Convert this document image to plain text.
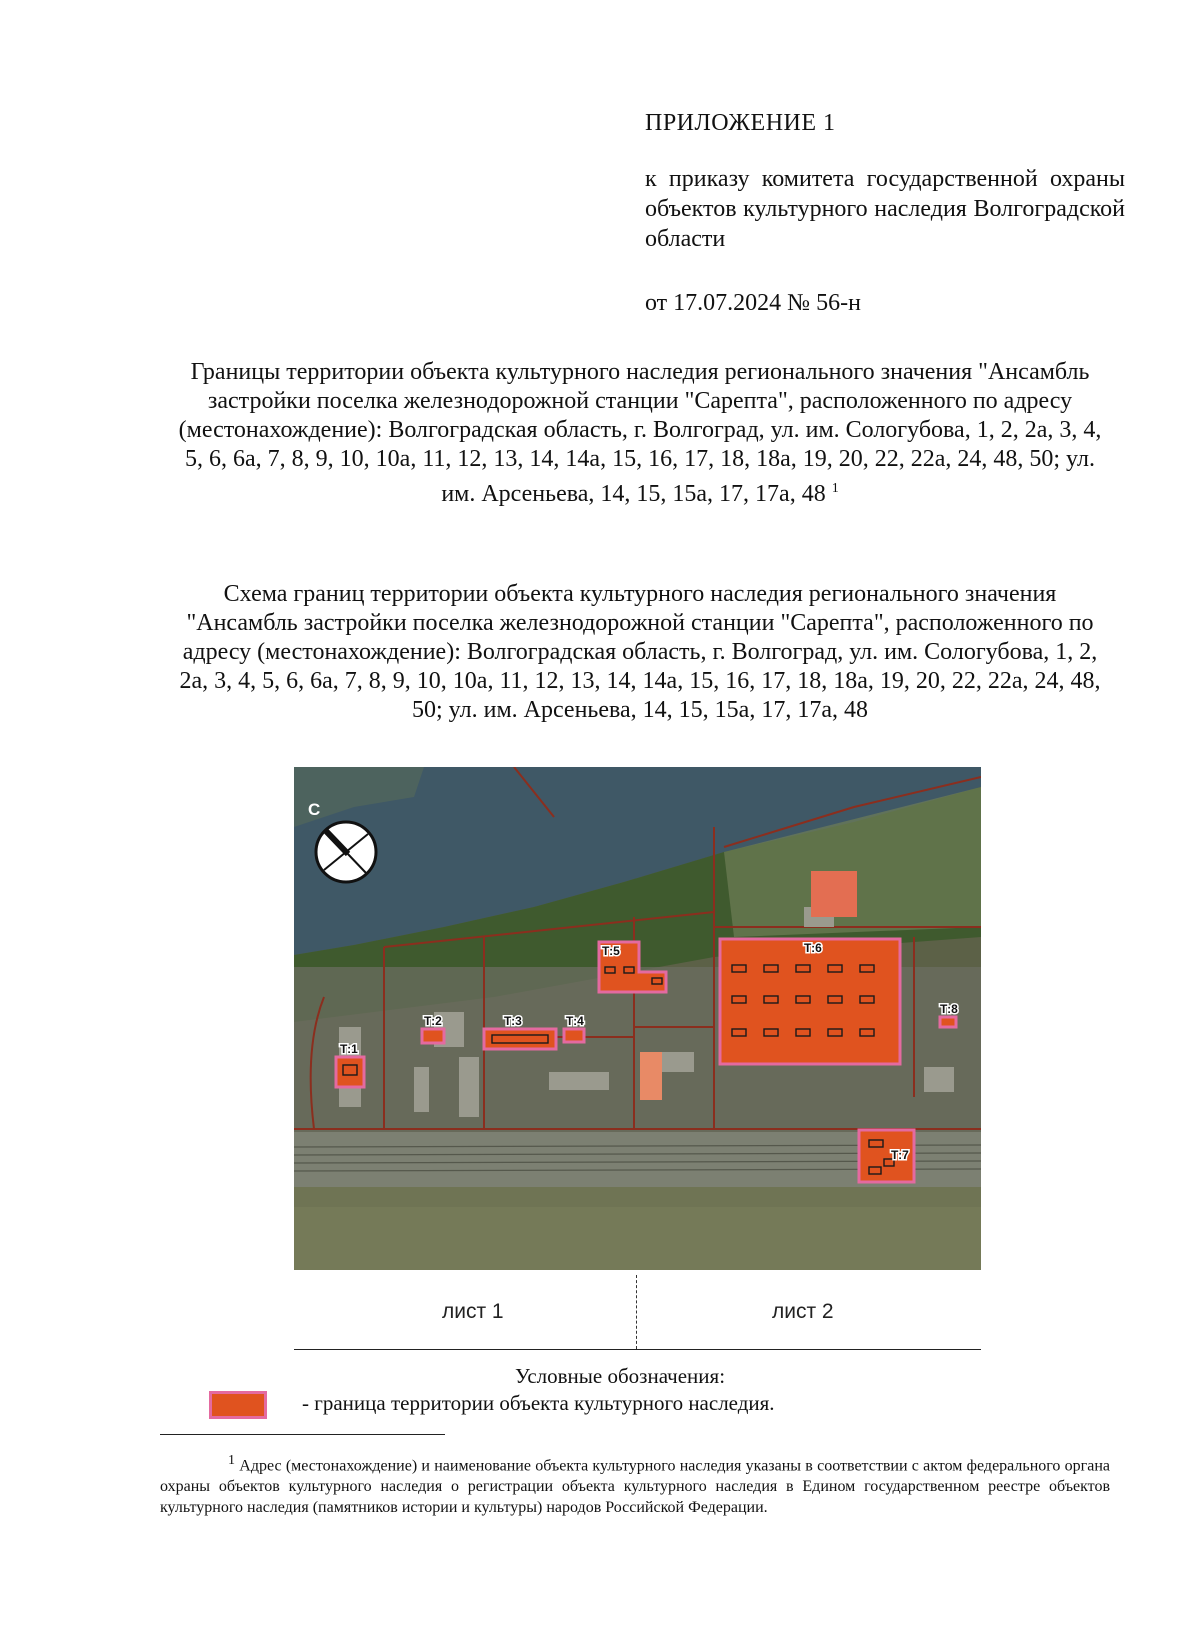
ПРИЛОЖЕНИЕ 1
к приказу комитета государственной охраны объектов культурного наследия Волгоградской области
от 17.07.2024 № 56-н

Границы территории объекта культурного наследия регионального значения "Ансамбль застройки поселка железнодорожной станции "Сарепта", расположенного по адресу (местонахождение): Волгоградская область, г. Волгоград, ул. им. Сологубова, 1, 2, 2а, 3, 4, 5, 6, 6а, 7, 8, 9, 10, 10а, 11, 12, 13, 14, 14а, 15, 16, 17, 18, 18а, 19, 20, 22, 22а, 24, 48, 50; ул. им. Арсеньева, 14, 15, 15а, 17, 17а, 48 $^1$

Схема границ территории объекта культурного наследия регионального значения "Ансамбль застройки поселка железнодорожной станции "Сарепта", расположенного по адресу (местонахождение): Волгоградская область, г. Волгоград, ул. им. Сологубова, 1, 2, 2а, 3, 4, 5, 6, 6а, 7, 8, 9, 10, 10а, 11, 12, 13, 14, 14а, 15, 16, 17, 18, 18а, 19, 20, 22, 22а, 24, 48, 50; ул. им. Арсеньева, 14, 15, 15а, 17, 17а, 48

Т:1
Т:2	Т:3	Т:4
Т:5	Т:6
Т:7
Т:8
С
лист 1	лист 2
Условные обозначения:
- граница территории объекта культурного наследия.
$^1$ Адрес (местонахождение) и наименование объекта культурного наследия указаны в соответствии с актом федерального органа охраны объектов культурного наследия о регистрации объекта культурного наследия в Едином государственном реестре объектов культурного наследия (памятников истории и культуры) народов Российской Федерации.
